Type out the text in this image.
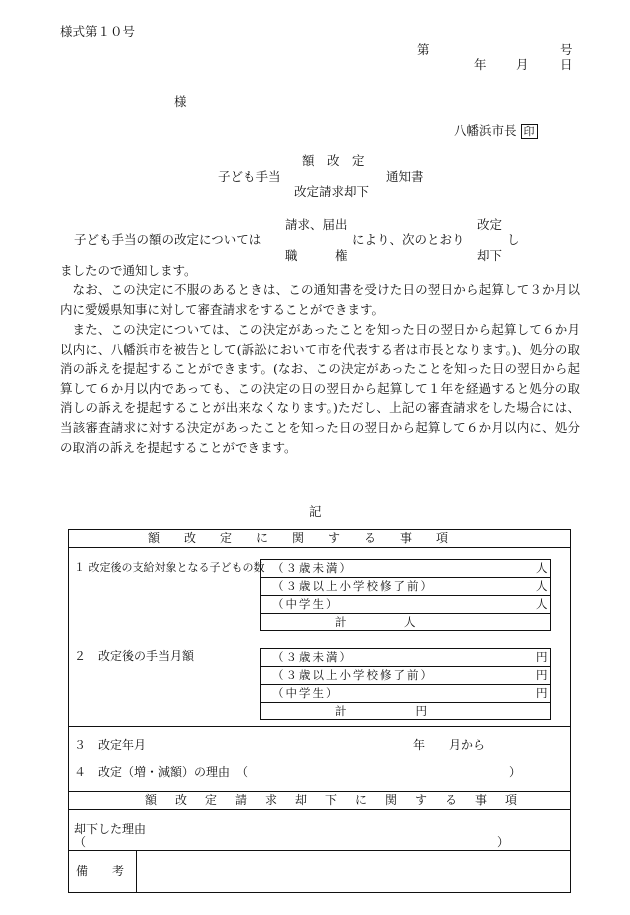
様式第１０号
第	号
年 月	日
様
八幡浜市長 印
額　改　定
子ども手当	通知書
改定請求却下
請求、届出	改定
子ども手当の額の改定については	により、次のとおり	し
職　　　権	却下
ましたので通知します。
なお、この決定に不服のあるときは、この通知書を受けた日の翌日から起算して３か月以内に愛媛県知事に対して審査請求をすることができます。
また、この決定については、この決定があったことを知った日の翌日から起算して６か月以内に、八幡浜市を被告として(訴訟において市を代表する者は市長となります。)、処分の取消の訴えを提起することができます。(なお、この決定があったことを知った日の翌日から起算して６か月以内であっても、この決定の日の翌日から起算して１年を経過すると処分の取消しの訴えを提起することが出来なくなります。)ただし、上記の審査請求をした場合には、当該審査請求に対する決定があったことを知った日の翌日から起算して６か月以内に、処分の取消の訴えを提起することができます。
記
額　改　定　に　関　す　る　事　項
１ 改定後の支給対象となる子どもの数 （３歳未満）	人
（３歳以上小学校修了前）	人
（中学生）	人
計　　　　　人
２　改定後の手当月額	（３歳未満）	円
（３歳以上小学校修了前）	円
（中学生）	円
計　　　　　　円
３　改定年月	年　　月から
４　改定（増・減額）の理由　（	）
額　改　定　請　求　却　下　に　関　す　る　事　項
却下した理由
（	）
備　　考
